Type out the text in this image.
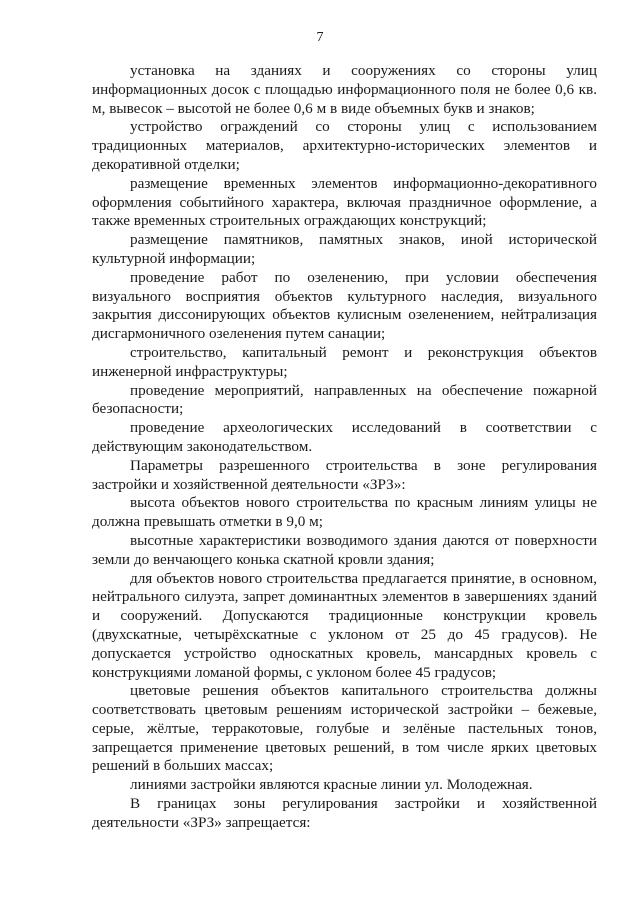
7

установка на зданиях и сооружениях со стороны улиц информационных досок с площадью информационного поля не более 0,6 кв. м, вывесок – высотой не более 0,6 м в виде объемных букв и знаков;

устройство ограждений со стороны улиц с использованием традиционных материалов, архитектурно-исторических элементов и декоративной отделки;

размещение временных элементов информационно-декоративного оформления событийного характера, включая праздничное оформление, а также временных строительных ограждающих конструкций;

размещение памятников, памятных знаков, иной исторической культурной информации;

проведение работ по озеленению, при условии обеспечения визуального восприятия объектов культурного наследия, визуального закрытия диссонирующих объектов кулисным озеленением, нейтрализация дисгармоничного озеленения путем санации;

строительство, капитальный ремонт и реконструкция объектов инженерной инфраструктуры;

проведение мероприятий, направленных на обеспечение пожарной безопасности;

проведение археологических исследований в соответствии с действующим законодательством.

Параметры разрешенного строительства в зоне регулирования застройки и хозяйственной деятельности «ЗРЗ»:

высота объектов нового строительства по красным линиям улицы не должна превышать отметки в 9,0 м;

высотные характеристики возводимого здания даются от поверхности земли до венчающего конька скатной кровли здания;

для объектов нового строительства предлагается принятие, в основном, нейтрального силуэта, запрет доминантных элементов в завершениях зданий и сооружений. Допускаются традиционные конструкции кровель (двухскатные, четырёхскатные с уклоном от 25 до 45 градусов). Не допускается устройство односкатных кровель, мансардных кровель с конструкциями ломаной формы, с уклоном более 45 градусов;

цветовые решения объектов капитального строительства должны соответствовать цветовым решениям исторической застройки – бежевые, серые, жёлтые, терракотовые, голубые и зелёные пастельных тонов, запрещается применение цветовых решений, в том числе ярких цветовых решений в больших массах;

линиями застройки являются красные линии ул. Молодежная.

В границах зоны регулирования застройки и хозяйственной деятельности «ЗРЗ» запрещается:
